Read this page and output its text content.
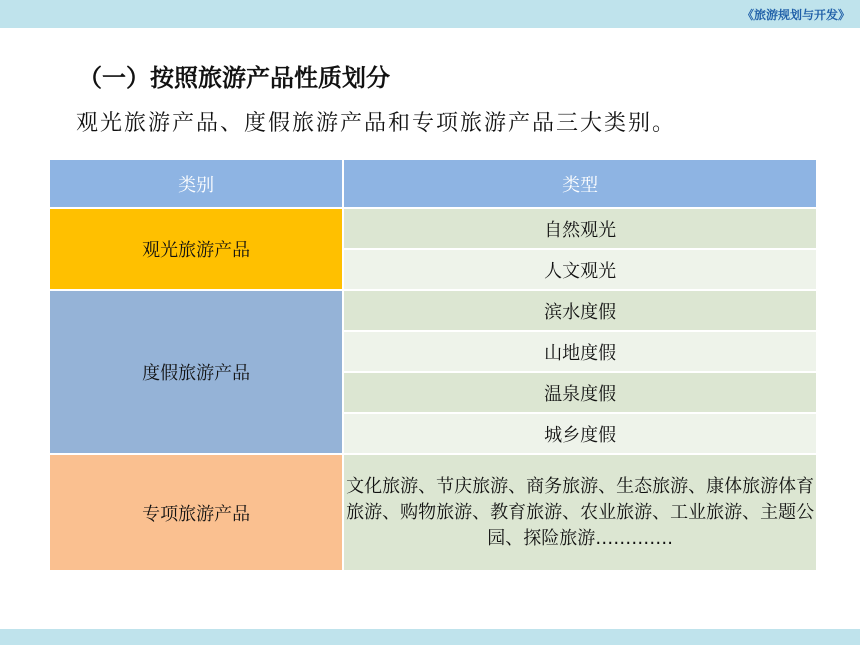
《旅游规划与开发》
（一）按照旅游产品性质划分
观光旅游产品、度假旅游产品和专项旅游产品三大类别。
类别	类型
观光旅游产品	自然观光
	人文观光
度假旅游产品	滨水度假
	山地度假
	温泉度假
	城乡度假
专项旅游产品	文化旅游、节庆旅游、商务旅游、生态旅游、康体旅游体育旅游、购物旅游、教育旅游、农业旅游、工业旅游、主题公园、探险旅游………….
